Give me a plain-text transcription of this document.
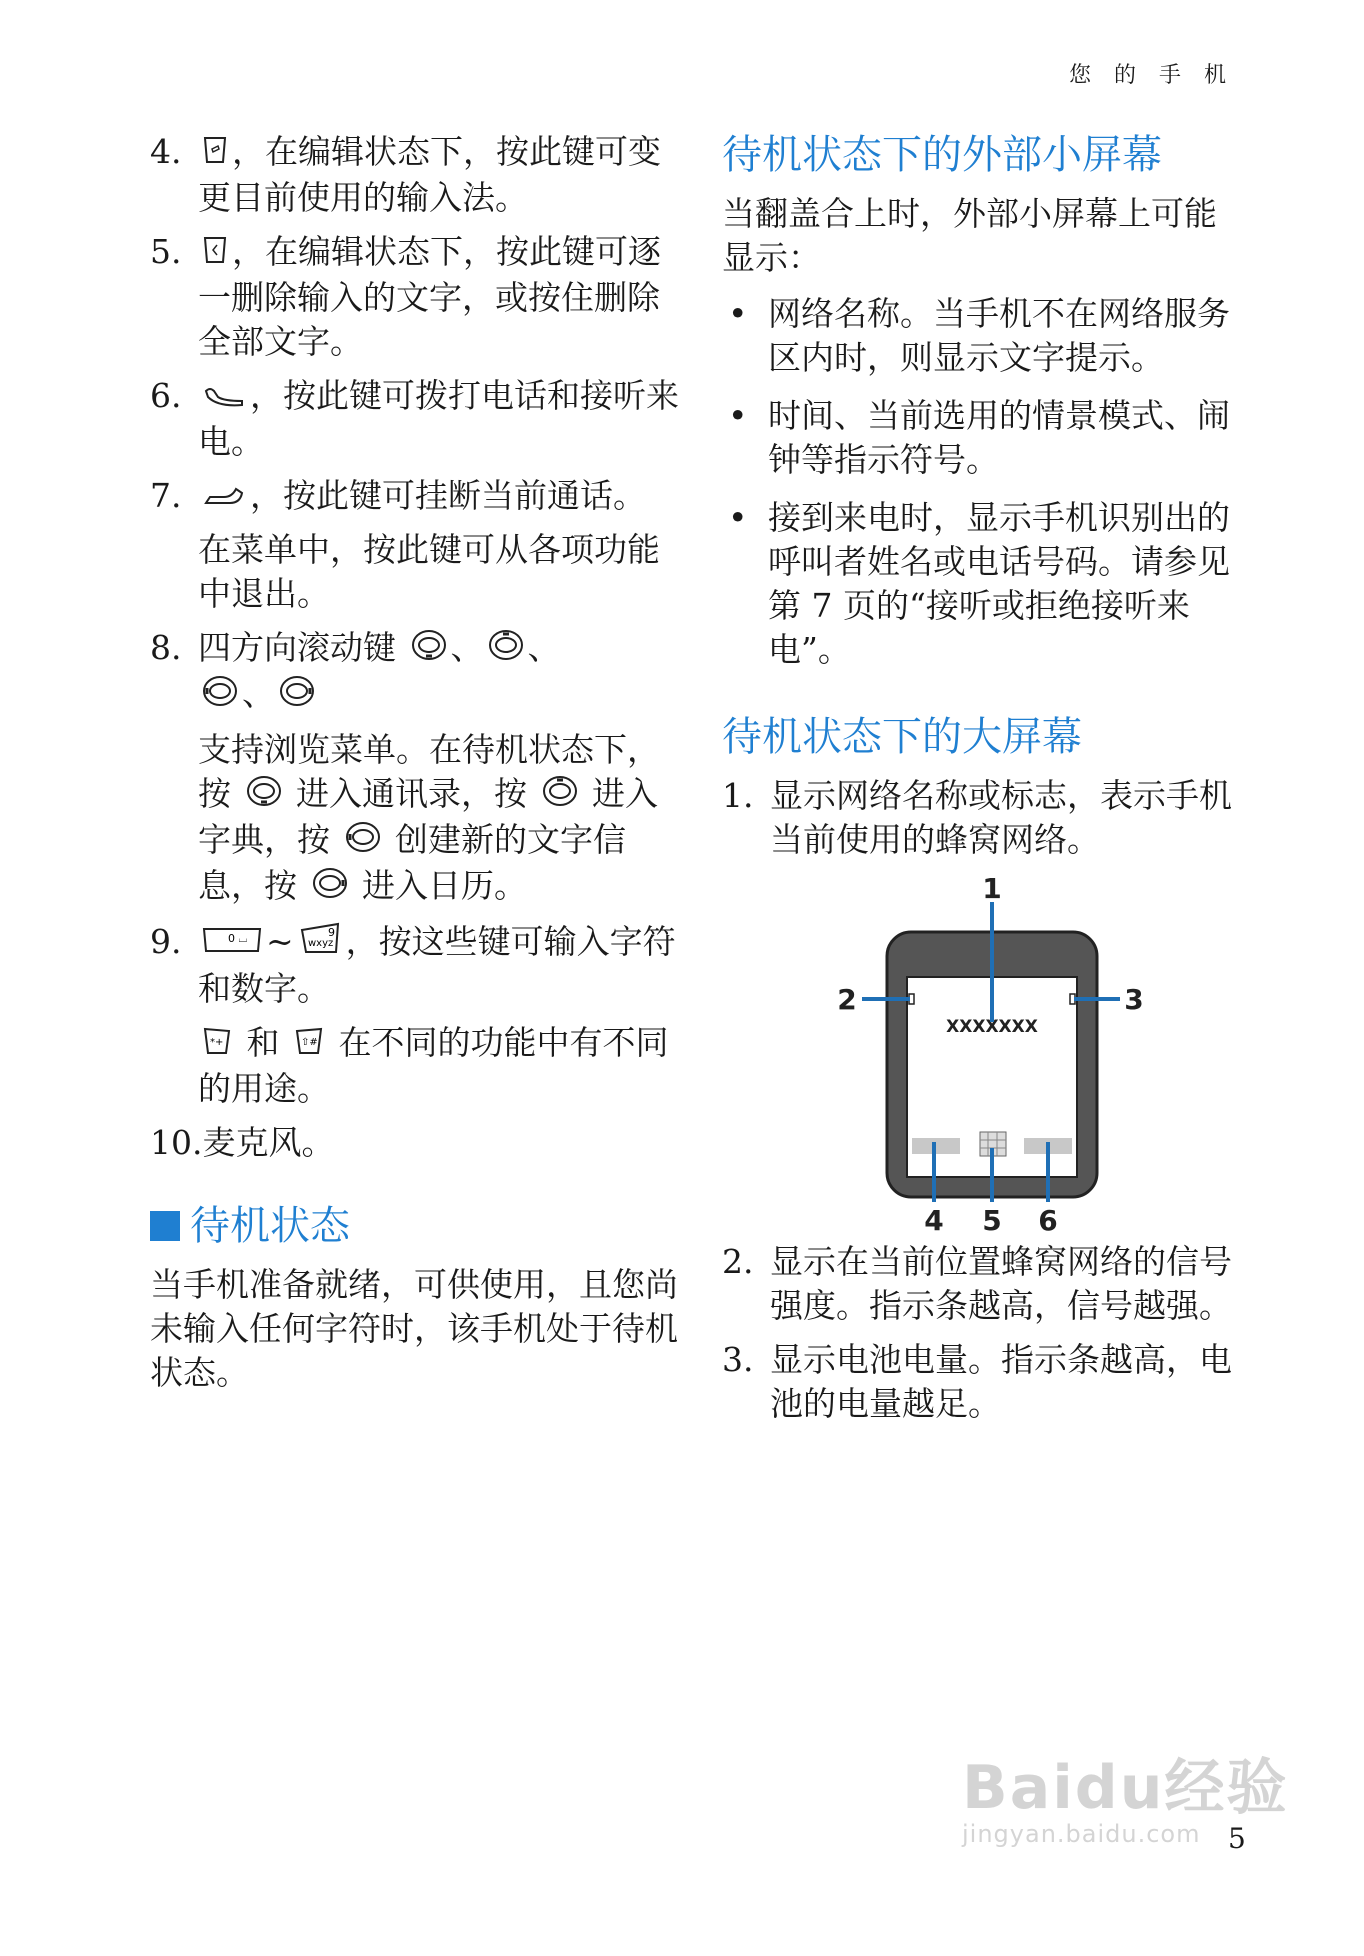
您 的 手 机
4. ，在编辑状态下，按此键可变更目前使用的输入法。
5. ，在编辑状态下，按此键可逐一删除输入的文字，或按住删除全部文字。
6. ，按此键可拨打电话和接听来电。
7. ，按此键可挂断当前通话。

在菜单中，按此键可从各项功能中退出。

8. 四方向滚动键 、 、
、

支持浏览菜单。在待机状态下，按 进入通讯录，按 进入字典，按 创建新的文字信息，按 进入日历。

9.	0 ⌴ ~ wxyz
9 ，按这些键可输入字符和数字。

*+ 和 ⇧# 在不同的功能中有不同的用途。

10.麦克风。
待机状态

当手机准备就绪，可供使用，且您尚未输入任何字符时，该手机处于待机状态。

待机状态下的外部小屏幕

当翻盖合上时，外部小屏幕上可能显示：

• 网络名称。当手机不在网络服务区内时，则显示文字提示。
• 时间、当前选用的情景模式、闹钟等指示符号。
• 接到来电时，显示手机识别出的呼叫者姓名或电话号码。请参见第 7 页的“接听或拒绝接听来电”。
待机状态下的大屏幕
1. 显示网络名称或标志，表示手机当前使用的蜂窝网络。
XXXXXXX
1
2	3
4 5 6
2. 显示在当前位置蜂窝网络的信号强度。指示条越高，信号越强。
3. 显示电池电量。指示条越高，电池的电量越足。
Baidu经验
jingyan.baidu.com 5
